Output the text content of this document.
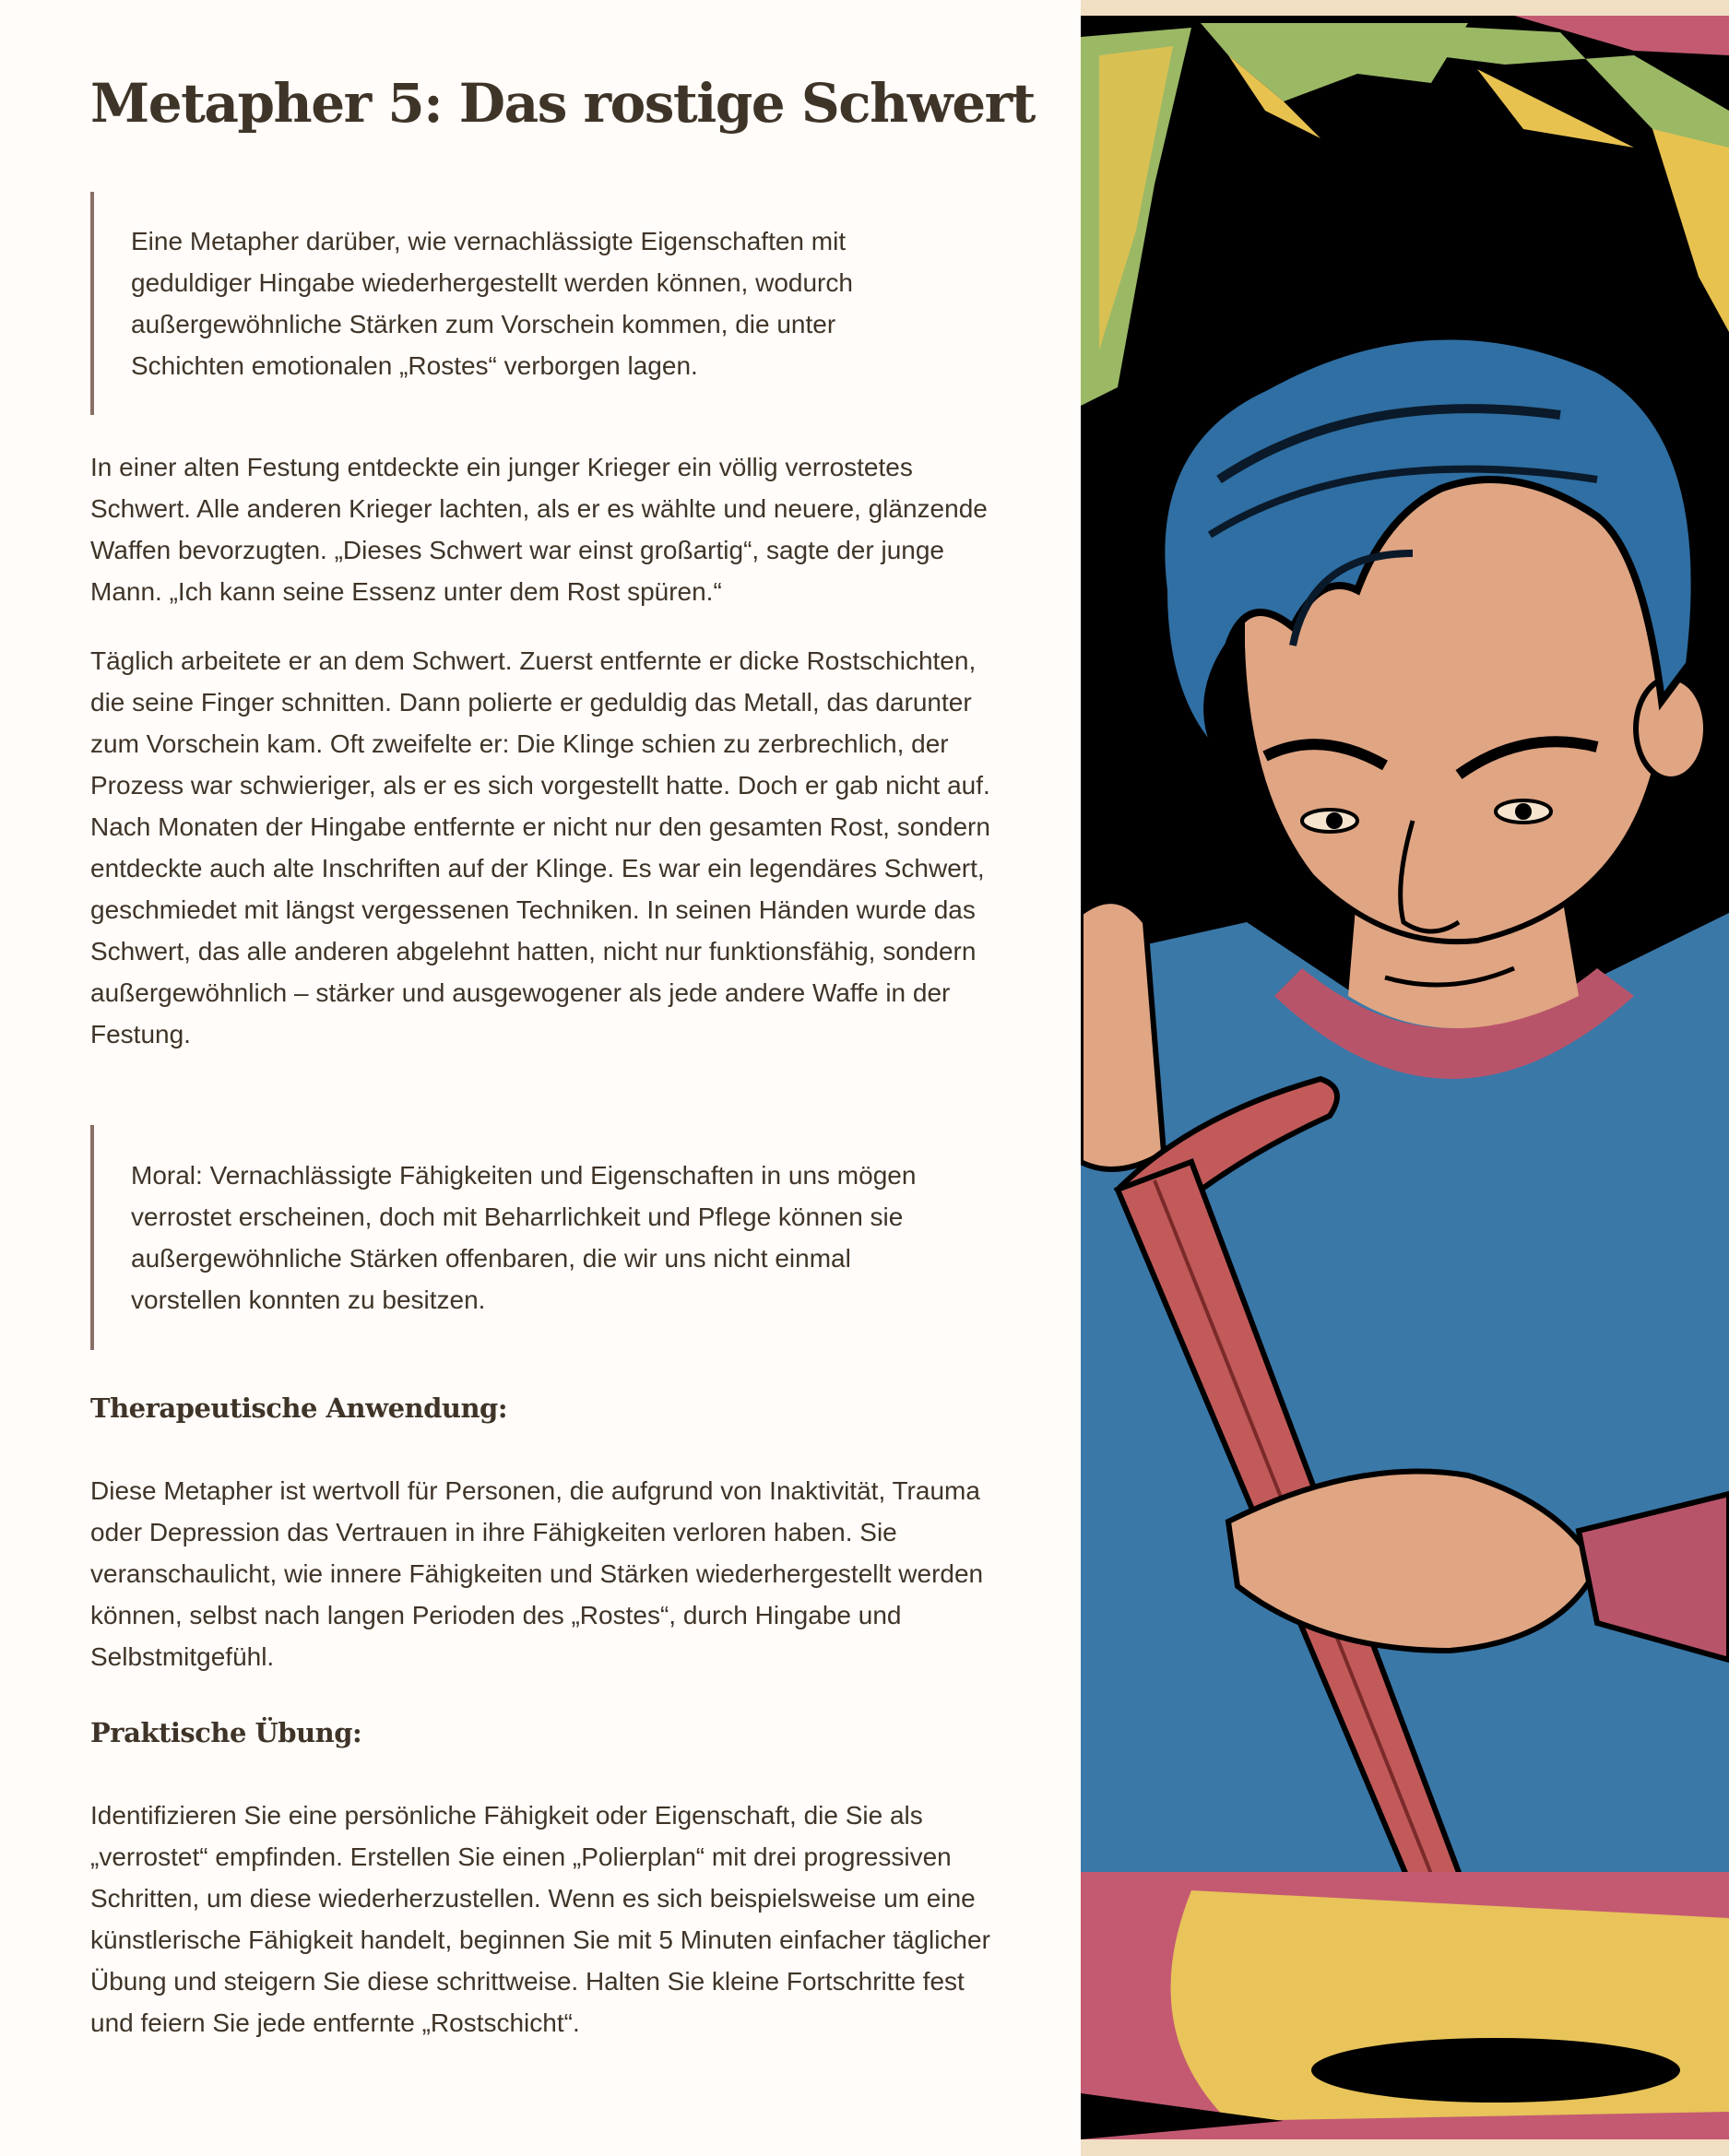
Metapher 5: Das rostige Schwert

Eine Metapher darüber, wie vernachlässigte Eigenschaften mit geduldiger Hingabe wiederhergestellt werden können, wodurch außergewöhnliche Stärken zum Vorschein kommen, die unter Schichten emotionalen „Rostes“ verborgen lagen.

In einer alten Festung entdeckte ein junger Krieger ein völlig verrostetes Schwert. Alle anderen Krieger lachten, als er es wählte und neuere, glänzende Waffen bevorzugten. „Dieses Schwert war einst großartig“, sagte der junge Mann. „Ich kann seine Essenz unter dem Rost spüren.“

Täglich arbeitete er an dem Schwert. Zuerst entfernte er dicke Rostschichten, die seine Finger schnitten. Dann polierte er geduldig das Metall, das darunter zum Vorschein kam. Oft zweifelte er: Die Klinge schien zu zerbrechlich, der Prozess war schwieriger, als er es sich vorgestellt hatte. Doch er gab nicht auf. Nach Monaten der Hingabe entfernte er nicht nur den gesamten Rost, sondern entdeckte auch alte Inschriften auf der Klinge. Es war ein legendäres Schwert, geschmiedet mit längst vergessenen Techniken. In seinen Händen wurde das Schwert, das alle anderen abgelehnt hatten, nicht nur funktionsfähig, sondern außergewöhnlich – stärker und ausgewogener als jede andere Waffe in der Festung.

Moral: Vernachlässigte Fähigkeiten und Eigenschaften in uns mögen verrostet erscheinen, doch mit Beharrlichkeit und Pflege können sie außergewöhnliche Stärken offenbaren, die wir uns nicht einmal vorstellen konnten zu besitzen.

Therapeutische Anwendung:

Diese Metapher ist wertvoll für Personen, die aufgrund von Inaktivität, Trauma oder Depression das Vertrauen in ihre Fähigkeiten verloren haben. Sie veranschaulicht, wie innere Fähigkeiten und Stärken wiederhergestellt werden können, selbst nach langen Perioden des „Rostes“, durch Hingabe und Selbstmitgefühl.

Praktische Übung:

Identifizieren Sie eine persönliche Fähigkeit oder Eigenschaft, die Sie als „verrostet“ empfinden. Erstellen Sie einen „Polierplan“ mit drei progressiven Schritten, um diese wiederherzustellen. Wenn es sich beispielsweise um eine künstlerische Fähigkeit handelt, beginnen Sie mit 5 Minuten einfacher täglicher Übung und steigern Sie diese schrittweise. Halten Sie kleine Fortschritte fest und feiern Sie jede entfernte „Rostschicht“.
